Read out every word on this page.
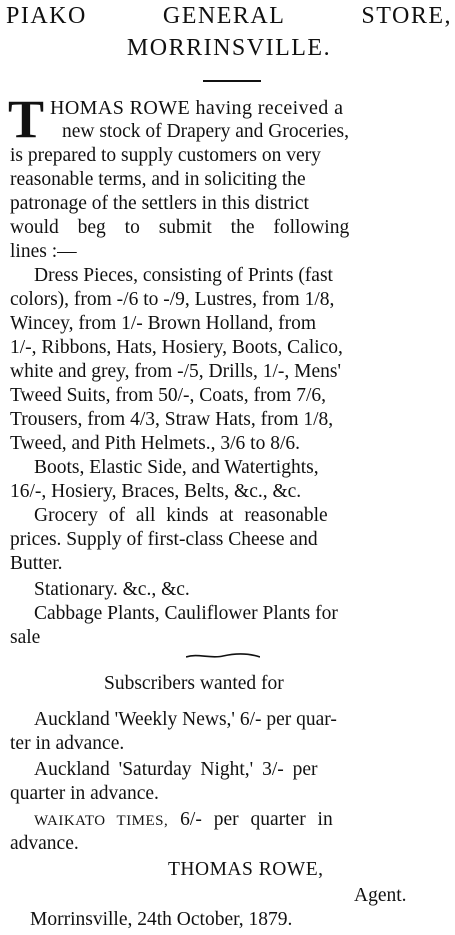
PIAKO	GENERAL	STORE,
MORRINSVILLE.
T HOMAS ROWE having received a
new stock of Drapery and Groceries,
is prepared to supply customers on very
reasonable terms, and in soliciting the
patronage of the settlers in this district
would beg to submit the following
lines :—
Dress Pieces, consisting of Prints (fast
colors), from -/6 to -/9, Lustres, from 1/8,
Wincey, from 1/- Brown Holland, from
1/-, Ribbons, Hats, Hosiery, Boots, Calico,
white and grey, from -/5, Drills, 1/-, Mens'
Tweed Suits, from 50/-, Coats, from 7/6,
Trousers, from 4/3, Straw Hats, from 1/8,
Tweed, and Pith Helmets., 3/6 to 8/6.
Boots, Elastic Side, and Watertights,
16/-, Hosiery, Braces, Belts, &c., &c.
Grocery of all kinds at reasonable
prices. Supply of first-class Cheese and
Butter.
Stationary. &c., &c.
Cabbage Plants, Cauliflower Plants for
sale
Subscribers wanted for
Auckland 'Weekly News,' 6/- per quar-
ter in advance.
Auckland 'Saturday Night,' 3/- per
quarter in advance.
WAIKATO TIMES, 6/- per quarter in
advance.
THOMAS ROWE,
Agent.
Morrinsville, 24th October, 1879.
